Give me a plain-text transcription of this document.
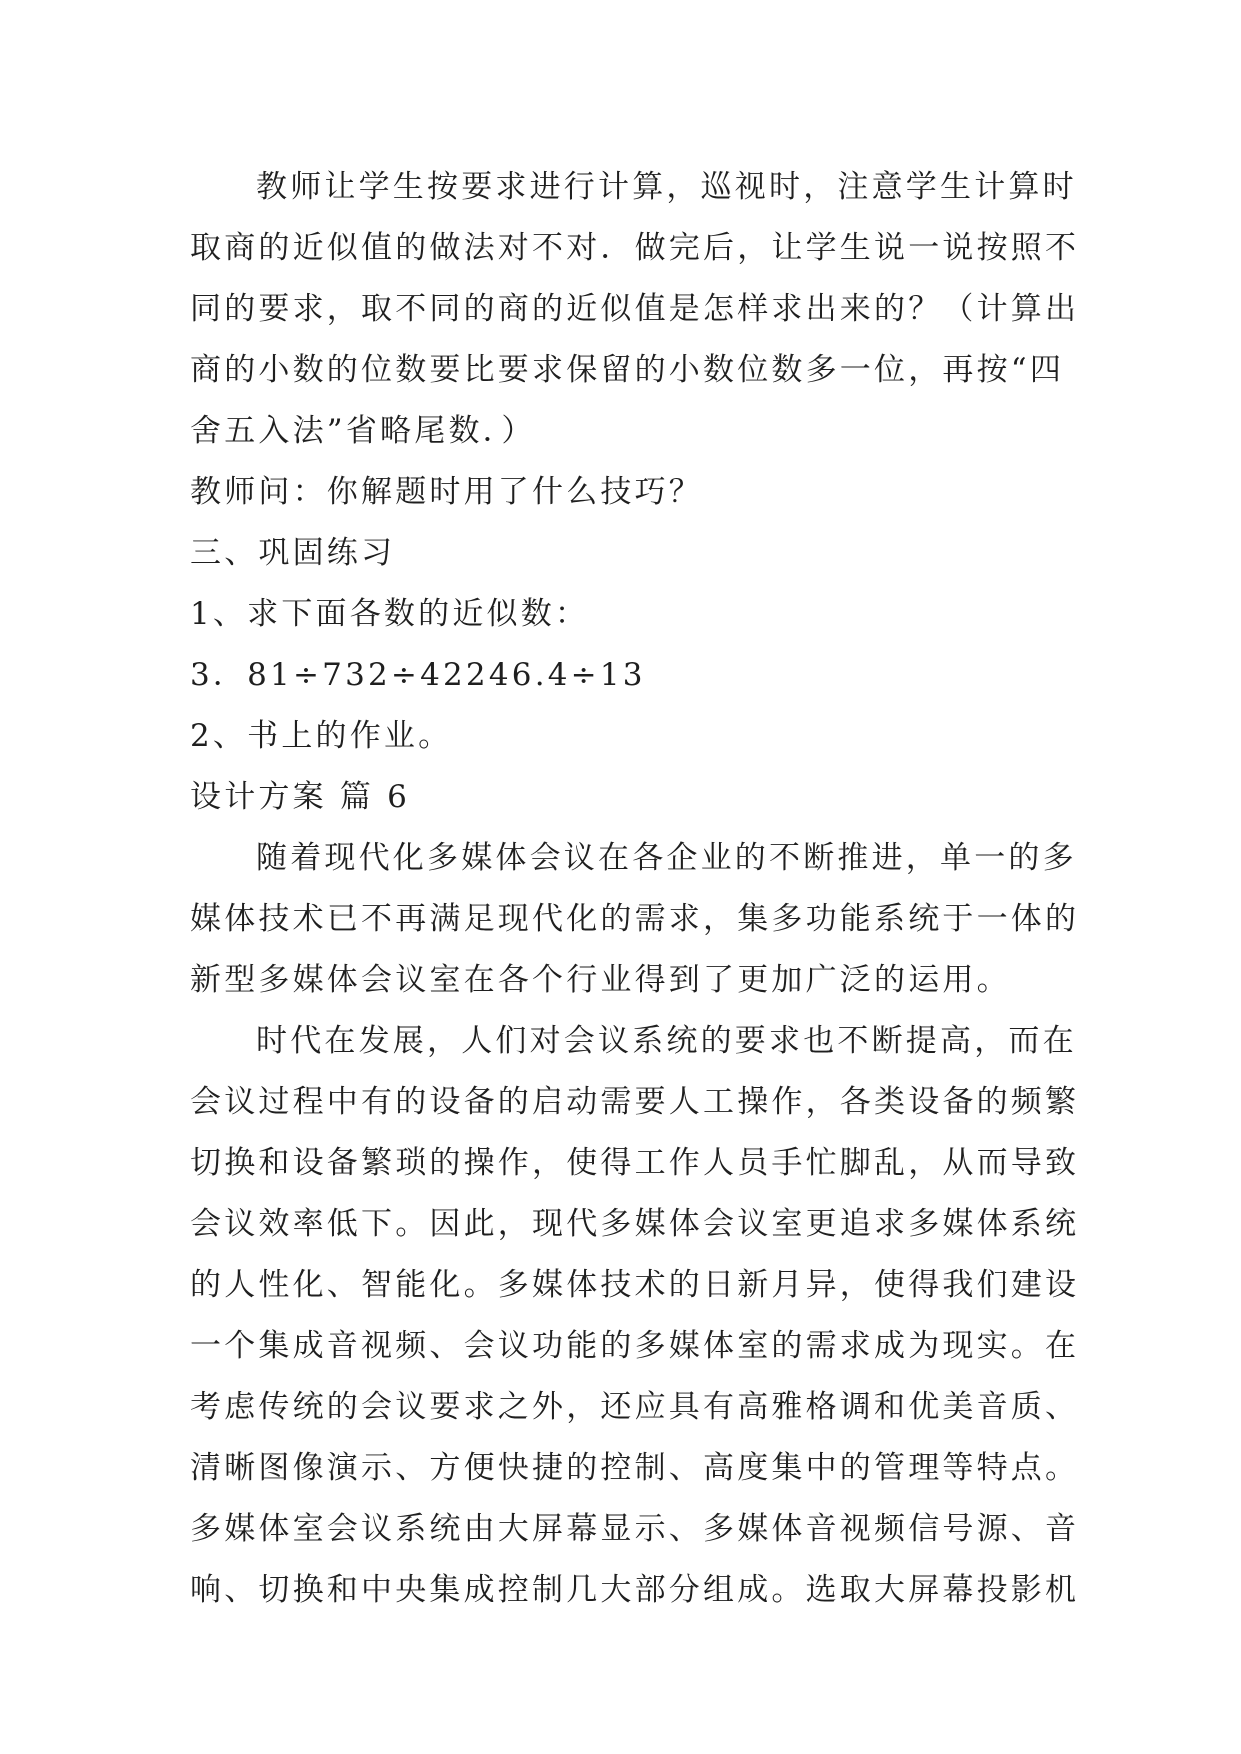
教师让学生按要求进行计算，巡视时，注意学生计算时
取商的近似值的做法对不对．做完后，让学生说一说按照不
同的要求，取不同的商的近似值是怎样求出来的？（计算出
商的小数的位数要比要求保留的小数位数多一位，再按“四
舍五入法”省略尾数．）

教师问：你解题时用了什么技巧？

三、巩固练习

1、求下面各数的近似数：

3．81÷732÷42246.4÷13

2、书上的作业。

设计方案 篇 6

随着现代化多媒体会议在各企业的不断推进，单一的多
媒体技术已不再满足现代化的需求，集多功能系统于一体的
新型多媒体会议室在各个行业得到了更加广泛的运用。

时代在发展，人们对会议系统的要求也不断提高，而在
会议过程中有的设备的启动需要人工操作，各类设备的频繁
切换和设备繁琐的操作，使得工作人员手忙脚乱，从而导致
会议效率低下。因此，现代多媒体会议室更追求多媒体系统
的人性化、智能化。多媒体技术的日新月异，使得我们建设
一个集成音视频、会议功能的多媒体室的需求成为现实。在
考虑传统的会议要求之外，还应具有高雅格调和优美音质、
清晰图像演示、方便快捷的控制、高度集中的管理等特点。
多媒体室会议系统由大屏幕显示、多媒体音视频信号源、音
响、切换和中央集成控制几大部分组成。选取大屏幕投影机
